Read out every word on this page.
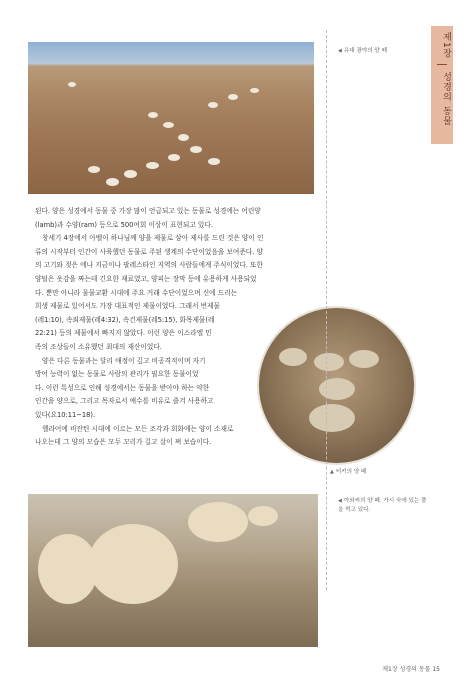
◀ 유대 광야의 양 떼
▲ 터키의 양 떼
◀ 아와씨의 양 떼. 가시 숙에 있는 풀을 먹고 있다.
제1장
성경의 동물

된다. 양은 성경에서 동물 중 가장 많이 언급되고 있는 동물로 성경에는 어린양

(lamb)과 수양(ram) 등으로 500여회 이상이 표현되고 있다.

창세기 4장에서 아벨이 하나님께 양을 제물로 삼아 제사를 드린 것은 양이 인

류의 시작부터 인간이 사육했던 동물로 주된 생계의 수단이었음을 보여준다. 양

의 고기와 젖은 에나 지금이나 팔레스타인 지역의 사람들에게 주식이었다. 또한

양털은 옷감을 짜는데 긴요한 재료였고, 양피는 장막 등에 유용하게 사용되었

다. 뿐만 아니라 물물교환 시대에 주요 거래 수단이었으며 신에 드리는

희생 제물로 있어서도 가장 대표적인 제물이었다. 그래서 번제물

(레1:10), 속죄제물(레4:32), 속건제물(레5:15), 화목제물(레

22:21) 등의 제물에서 빠지지 않았다. 이런 양은 이스라엘 민

족의 조상들이 소유했던 최대의 재산이었다.

양은 다른 동물과는 달리 애정이 깊고 비공격적이며 자기

방어 능력이 없는 동물로 사람의 관리가 필요한 동물이었

다. 이런 특성으로 인해 성경에서는 동물을 받아야 하는 약한

인간을 양으로, 그리고 목자로서 예수를 비유로 즐겨 사용하고

있다(요10:11~18).

헬라어에 비잔틴 시대에 이르는 모든 조각과 회화에는 양이 소재로

나오는데 그 양의 모습은 모두 꼬리가 길고 살이 쪄 보습이다.

제1장 성경의 동물 15
